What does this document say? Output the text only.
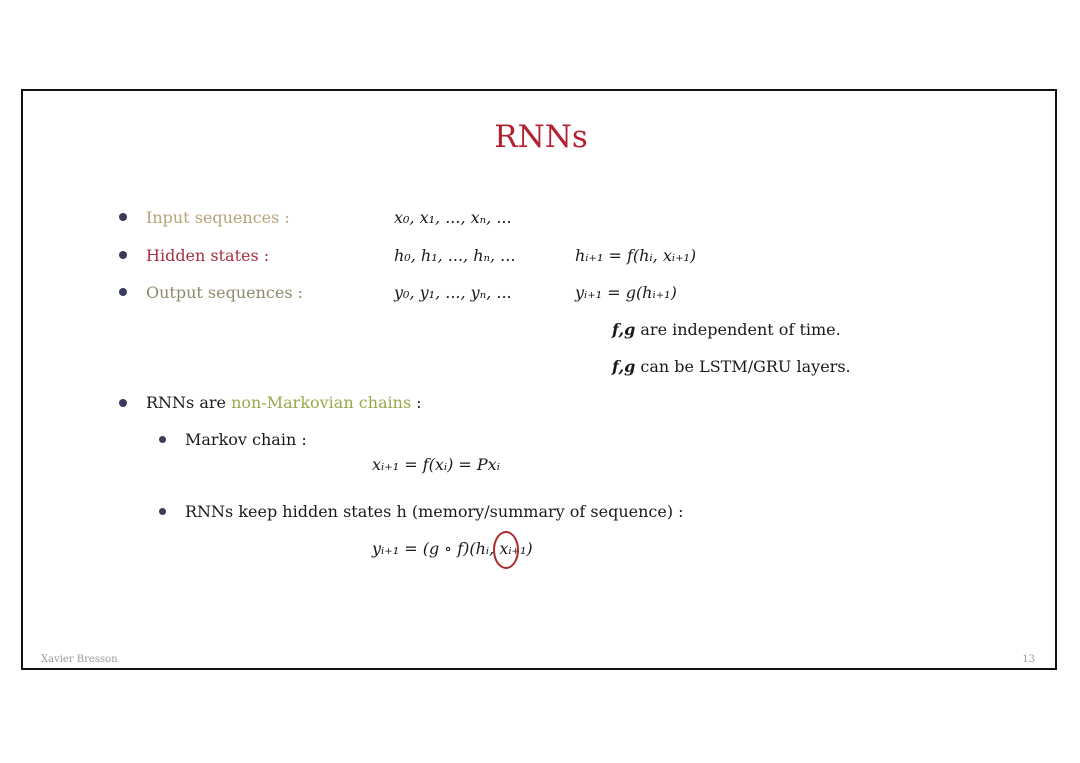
RNNs
Input sequences :	x₀, x₁, ..., xₙ, ...
Hidden states :	h₀, h₁, ..., hₙ, ...	hᵢ₊₁ = f(hᵢ, xᵢ₊₁)
Output sequences :	y₀, y₁, ..., yₙ, ...	yᵢ₊₁ = g(hᵢ₊₁)
f,g are independent of time.
f,g can be LSTM/GRU layers.
RNNs are non-Markovian chains :
Markov chain :
xᵢ₊₁ = f(xᵢ) = Pxᵢ
RNNs keep hidden states h (memory/summary of sequence) :
yᵢ₊₁ = (g ∘ f)(hᵢ, xᵢ₊₁)
Xavier Bresson	13
